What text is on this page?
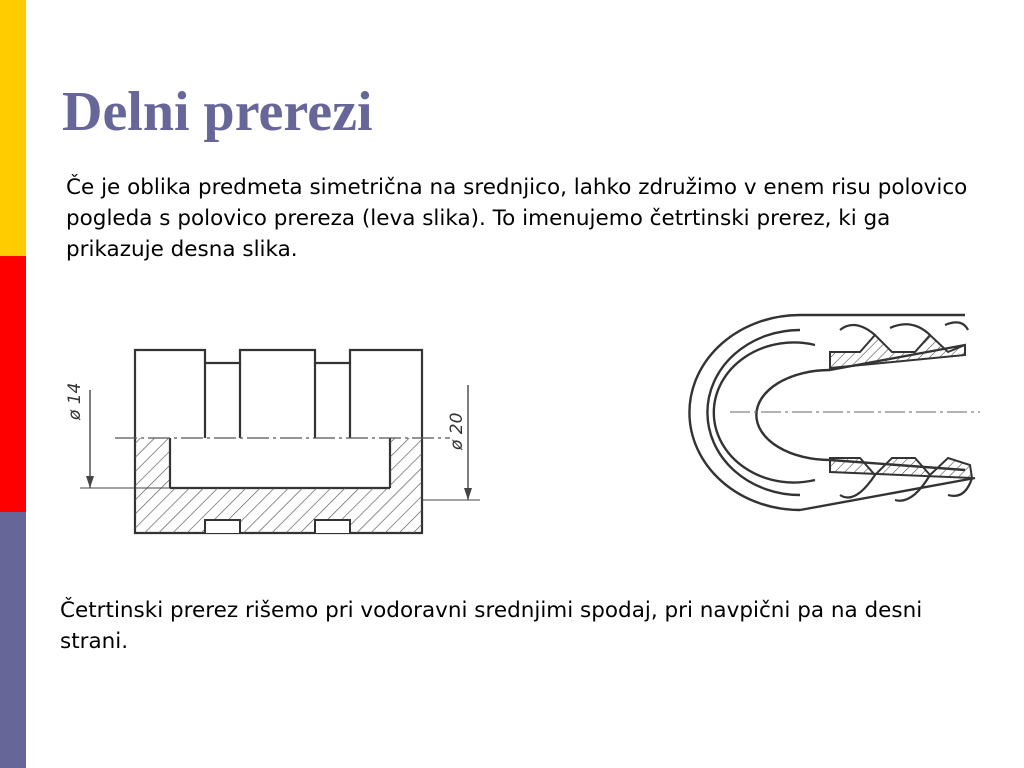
Delni prerezi

Če je oblika predmeta simetrična na srednjico, lahko združimo v enem risu polovico pogleda s polovico prereza (leva slika). To imenujemo četrtinski prerez, ki ga prikazuje desna slika.

ø 14
ø 20

Četrtinski prerez rišemo pri vodoravni srednjimi spodaj, pri navpični pa na desni strani.
